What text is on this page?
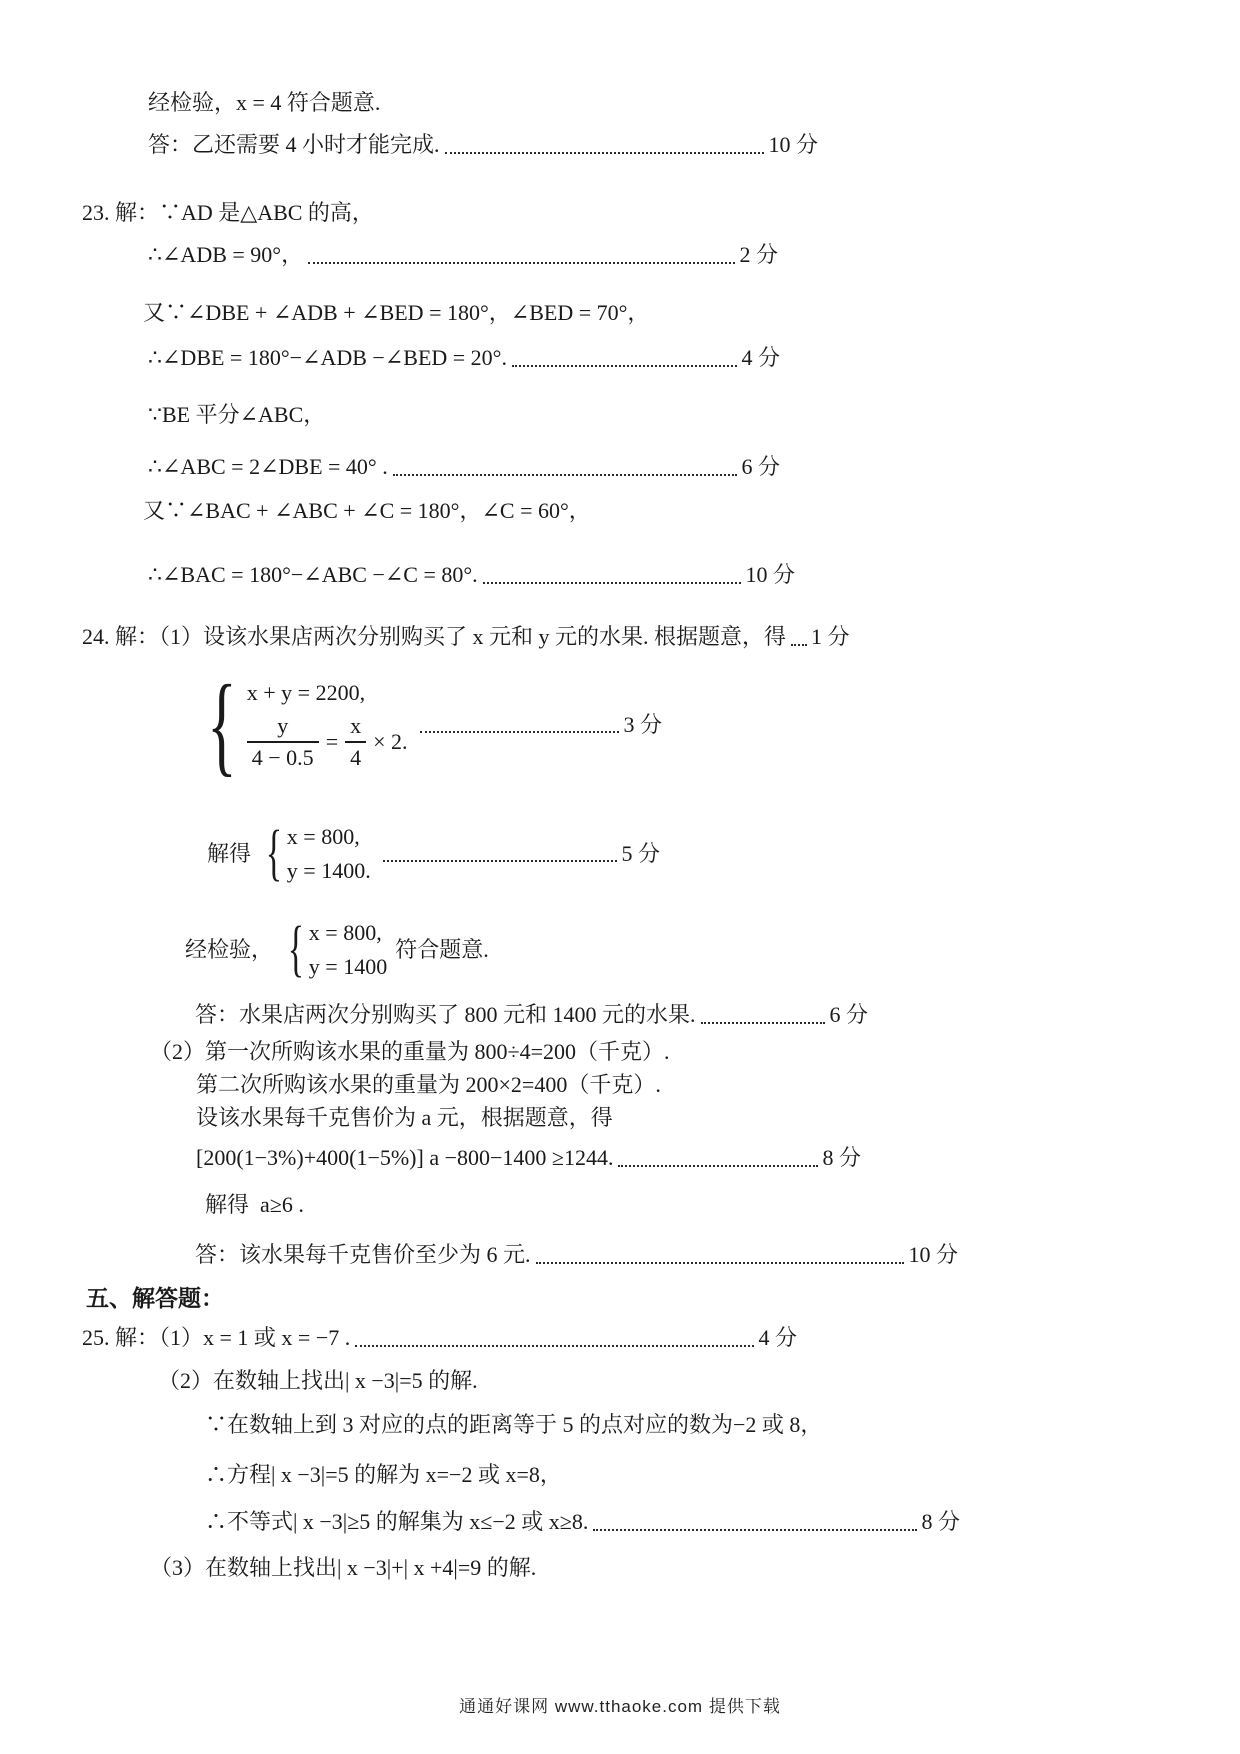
经检验，x = 4 符合题意.
答：乙还需要 4 小时才能完成.	10 分
23. 解：∵AD 是△ABC 的高，
∴∠ADB = 90°，	2 分
又∵∠DBE + ∠ADB + ∠BED = 180°，∠BED = 70°，
∴∠DBE = 180°−∠ADB −∠BED = 20°.	4 分
∵BE 平分∠ABC，
∴∠ABC = 2∠DBE = 40° .	6 分
又∵∠BAC + ∠ABC + ∠C = 180°，∠C = 60°，
∴∠BAC = 180°−∠ABC −∠C = 80°.	10 分
24. 解：（1）设该水果店两次分别购买了 x 元和 y 元的水果. 根据题意，得 1 分
{ x + y = 2200,
$\frac{y}{4 - 0.5} = \frac{x}{4} \times 2$.
3 分
解得 { x = 800,
y = 1400.
5 分
经检验， { x = 800,
y = 1400
符合题意.
答：水果店两次分别购买了 800 元和 1400 元的水果.	6 分
（2）第一次所购该水果的重量为 800÷4=200（千克）.
第二次所购该水果的重量为 200×2=400（千克）.
设该水果每千克售价为 a 元，根据题意，得
[200(1−3%)+400(1−5%)] a −800−1400 ≥1244.	8 分
解得  a≥6 .
答：该水果每千克售价至少为 6 元.	10 分
五、解答题：
25. 解：（1）x = 1 或 x = −7 .	4 分
（2）在数轴上找出| x −3|=5 的解.
∵在数轴上到 3 对应的点的距离等于 5 的点对应的数为−2 或 8，
∴方程| x −3|=5 的解为 x=−2 或 x=8，
∴不等式| x −3|≥5 的解集为 x≤−2 或 x≥8.	8 分
（3）在数轴上找出| x −3|+| x +4|=9 的解.
通通好课网 www.tthaoke.com 提供下载
